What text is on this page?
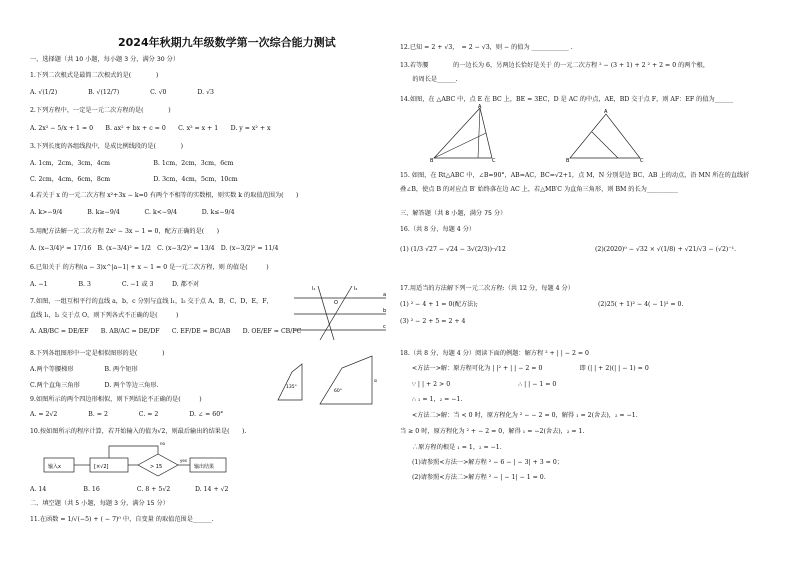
2024年秋期九年级数学第一次综合能力测试
一、选择题（共 10 小题，每小题 3 分，满分 30 分）
1.下列二次根式是最简二次根式的是(　　　　)
A. √(1/2)　　　　　B. √(12/7)　　　　　C. √0　　　　　D. √3
2.下列方程中，一定是一元二次方程的是(　　　　)
A. 2x² − 5/x + 1 = 0　　B. ax² + bx + c = 0　　C. x² = x + 1　　D. y = x² + x
3.下列长度的各组线段中，是成比例线段的是(　　　　)
A. 1cm，2cm，3cm，4cm　　　　　　　B. 1cm，2cm，3cm，6cm
C. 2cm，4cm，6cm，8cm　　　　　　　D. 3cm，4cm，5cm，10cm
4.若关于 x 的一元二次方程 x²+3x − k=0 有两个不相等的实数根，则实数 k 的取值范围为(　　)
A. k>−9/4　　　　B. k≥−9/4　　　　C. k<−9/4　　　　D. k≤−9/4
5.用配方法解一元二次方程 2x² − 3x − 1 = 0，配方正确的是(　　)
A. (x−3/4)² = 17/16　B. (x−3/4)² = 1/2　C. (x−3/2)² = 13/4　D. (x−3/2)² = 11/4
6.已知关于 的方程(a − 3)x^|a−1| + x − 1 = 0 是一元二次方程，则 的值是(　　　)
A. −1　　　　　B. 3　　　　　C. −1 或 3　　　D. 都不对
7.如图，一组互相平行的直线 a，b，c 分别与直线 l₁，l₂ 交于点 A，B，C，D，E，F，
直线 l₁，l₂ 交于点 O，则下列各式不正确的是(　　　)
A. AB/BC = DE/EF　　B. AB/AC = DE/DF　　C. EF/DE = BC/AB　　D. OE/EF = CB/FC
8.下列各组图形中一定是相似图形的是(　　　　)
A.两个等腰梯形　　　　　B. 两个矩形
C.两个直角三角形　　　　D. 两个等边三角形.
9.如图所示的两个四边形相似，则下列结论不正确的是(　　　)
A. = 2√2　　　　　B. = 2　　　　　C. = 2　　　　　D. ∠ = 60°
10.按如图所示的程序计算，若开始输入的值为√2，则最后输出的结果是(　　).
A. 14　　　　　　B. 16　　　　　　C. 8 + 5√2　　　　D. 14 + √2
二、填空题（共 5 小题，每题 3 分，满分 15 分）
11.在函数 = 1/√(−5) + ( − 7)⁰ 中，自变量 的取值范围是______.
12.已知 = 2 + √3，　= 2 − √3，则 − 的值为 ____________ .
13.若等腰　　　　的一边长为 6，另两边长恰好是关于 的一元二次方程 ² − (3 + 1) + 2 ² + 2 = 0 的两个根，
　　的周长是______.
14.如图，在 △ABC 中，点 E 在 BC 上，BE = 3EC，D 是 AC 的中点，AE，BD 交于点 F，则 AF：EF 的值为______
15. 如图，在 Rt△ABC 中，∠B=90°，AB=AC，BC=√2+1，点 M，N 分别是边 BC，AB 上的动点，沿 MN 所在的直线折
叠∠B，使点 B 的对应点 B′ 始终落在边 AC 上，若△MB′C 为直角三角形，则 BM 的长为__________
三、解答题（共 8 小题，满分 75 分）
16.（共 8 分，每题 4 分）
(1) (1/3 √27 − √24 − 3√(2/3))·√12	(2)(2020)⁰ − √32 × √(1/8) + √21/√3 − (√2)⁻¹.
17.用适当的方法解下列一元二次方程:（共 12 分，每题 4 分）
(1) ² − 4 + 1 = 0(配方法);	(2)25( + 1)² − 4( − 1)² = 0.
(3) ² − 2 + 5 = 2 + 4
18.（共 8 分，每题 4 分）阅读下面的例题：解方程 ² + | | − 2 = 0
<方法一>解：原方程可化为 | |² + | | − 2 = 0　　　　　　即 (| | + 2)(| | − 1) = 0
∵ | | + 2 > 0　　　　　　　　　　　∴ | | − 1 = 0
∴ ₁ = 1，₂ = −1.
<方法二>解：当 < 0 时，原方程化为 ² − − 2 = 0，解得 ₁ = 2(舍去)，₂ = −1.
当 ≥ 0 时，原方程化为 ² + − 2 = 0，解得 ₁ = −2(舍去)，₂ = 1.
∴原方程的根是 ₁ = 1，₂ = −1.
(1)请参照<方法一>解方程 ² − 6 − | − 3| + 3 = 0；
(2)请参照<方法二>解方程 ² − | − 1| − 1 = 0.
l₁	l₂
O
a
b
c
135°
60°
α
输入x	[×√2]	> 15	输出结果
no
yes
A
B	C
A
B	C
